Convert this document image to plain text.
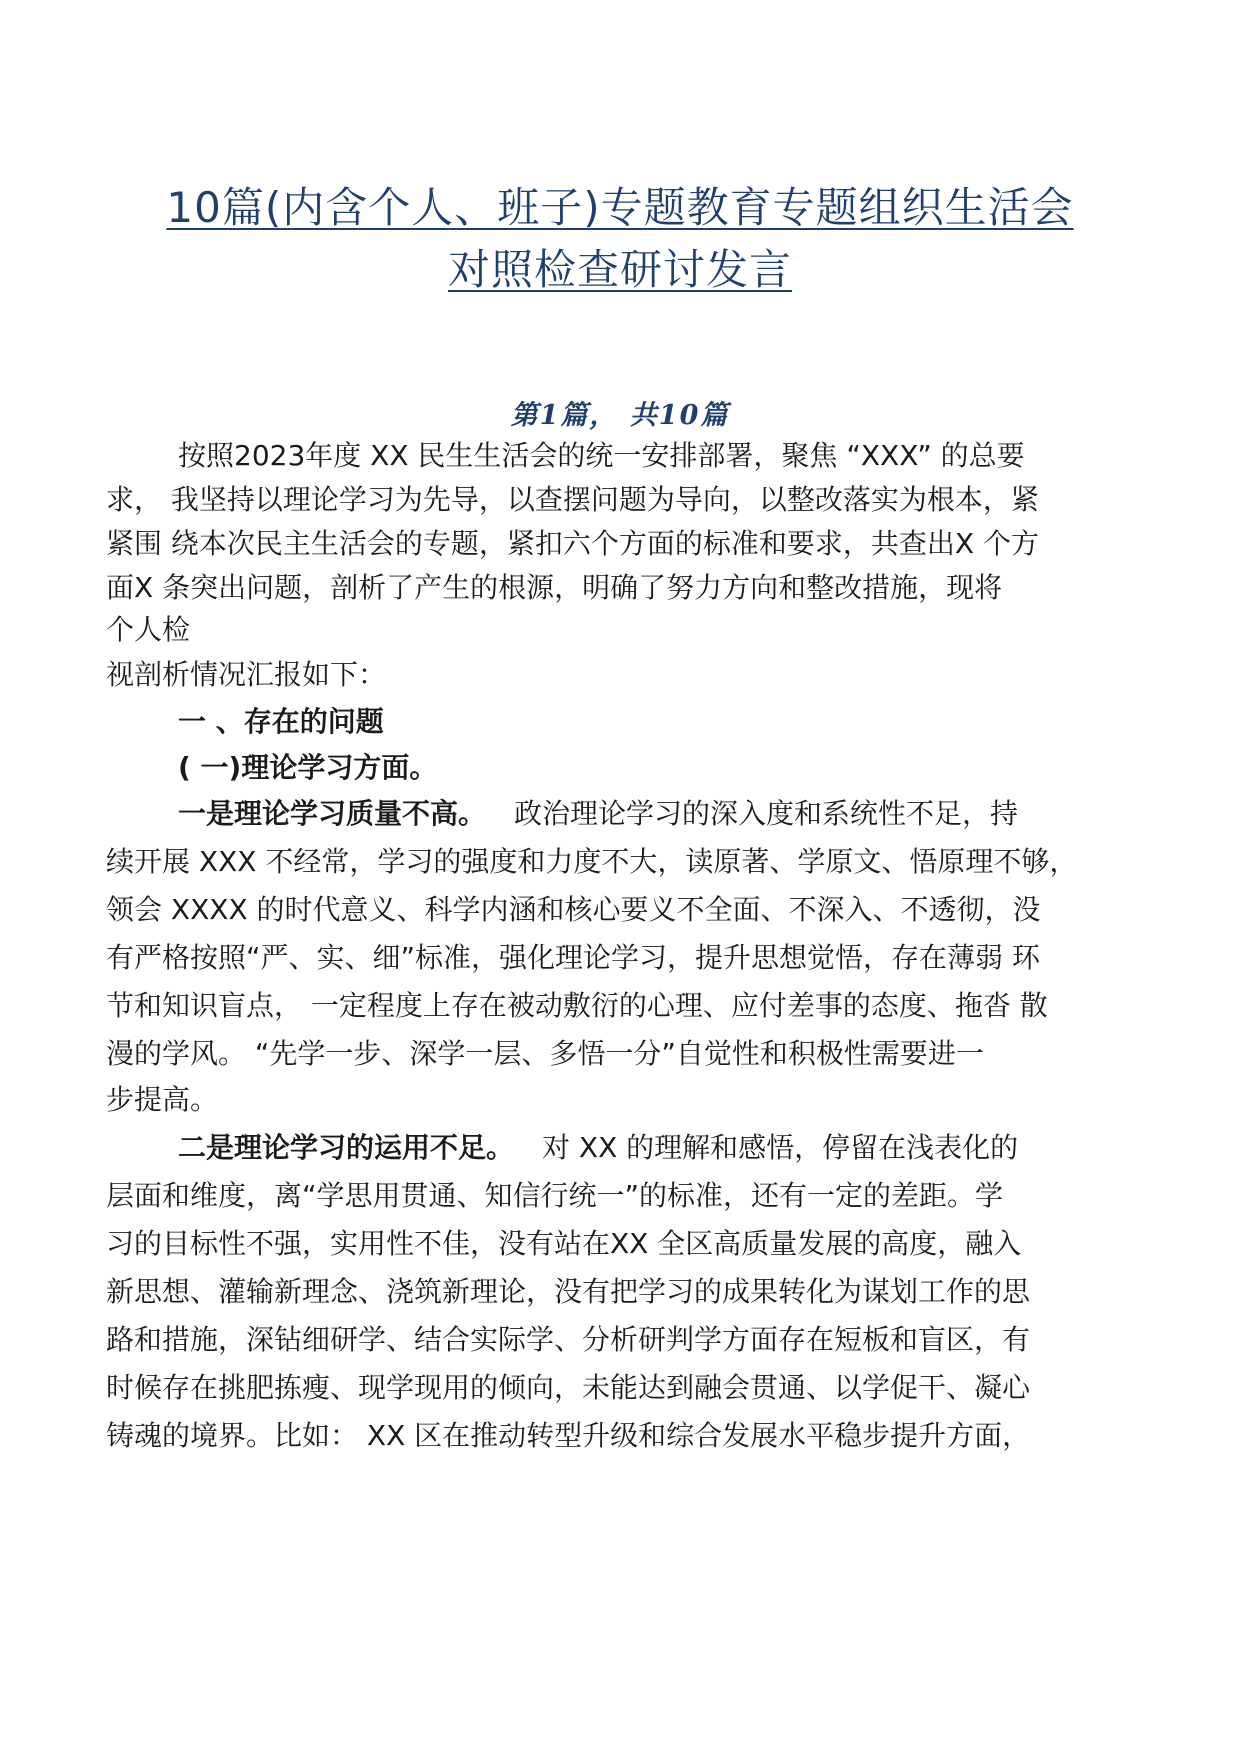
10篇(内含个人、班子)专题教育专题组织生活会
对照检查研讨发言
第1篇， 共10篇
按照2023年度 XX 民生生活会的统一安排部署，聚焦 “XXX” 的总要
求， 我坚持以理论学习为先导，以查摆问题为导向，以整改落实为根本，紧
紧围 绕本次民主生活会的专题，紧扣六个方面的标准和要求，共查出X 个方
面X 条突出问题，剖析了产生的根源，明确了努力方向和整改措施，现将
个人检
视剖析情况汇报如下：
一 、存在的问题
( 一)理论学习方面。
一是理论学习质量不高。 政治理论学习的深入度和系统性不足，持
续开展 XXX 不经常，学习的强度和力度不大，读原著、学原文、悟原理不够，
领会 XXXX 的时代意义、科学内涵和核心要义不全面、不深入、不透彻，没
有严格按照“严、实、细”标准，强化理论学习，提升思想觉悟，存在薄弱 环
节和知识盲点， 一定程度上存在被动敷衍的心理、应付差事的态度、拖沓 散
漫的学风。 “先学一步、深学一层、多悟一分”自觉性和积极性需要进一
步提高。
二是理论学习的运用不足。 对 XX 的理解和感悟，停留在浅表化的
层面和维度，离“学思用贯通、知信行统一”的标准，还有一定的差距。学
习的目标性不强，实用性不佳，没有站在XX 全区高质量发展的高度，融入
新思想、灌输新理念、浇筑新理论，没有把学习的成果转化为谋划工作的思
路和措施，深钻细研学、结合实际学、分析研判学方面存在短板和盲区，有
时候存在挑肥拣瘦、现学现用的倾向，未能达到融会贯通、以学促干、凝心
铸魂的境界。比如： XX 区在推动转型升级和综合发展水平稳步提升方面，
